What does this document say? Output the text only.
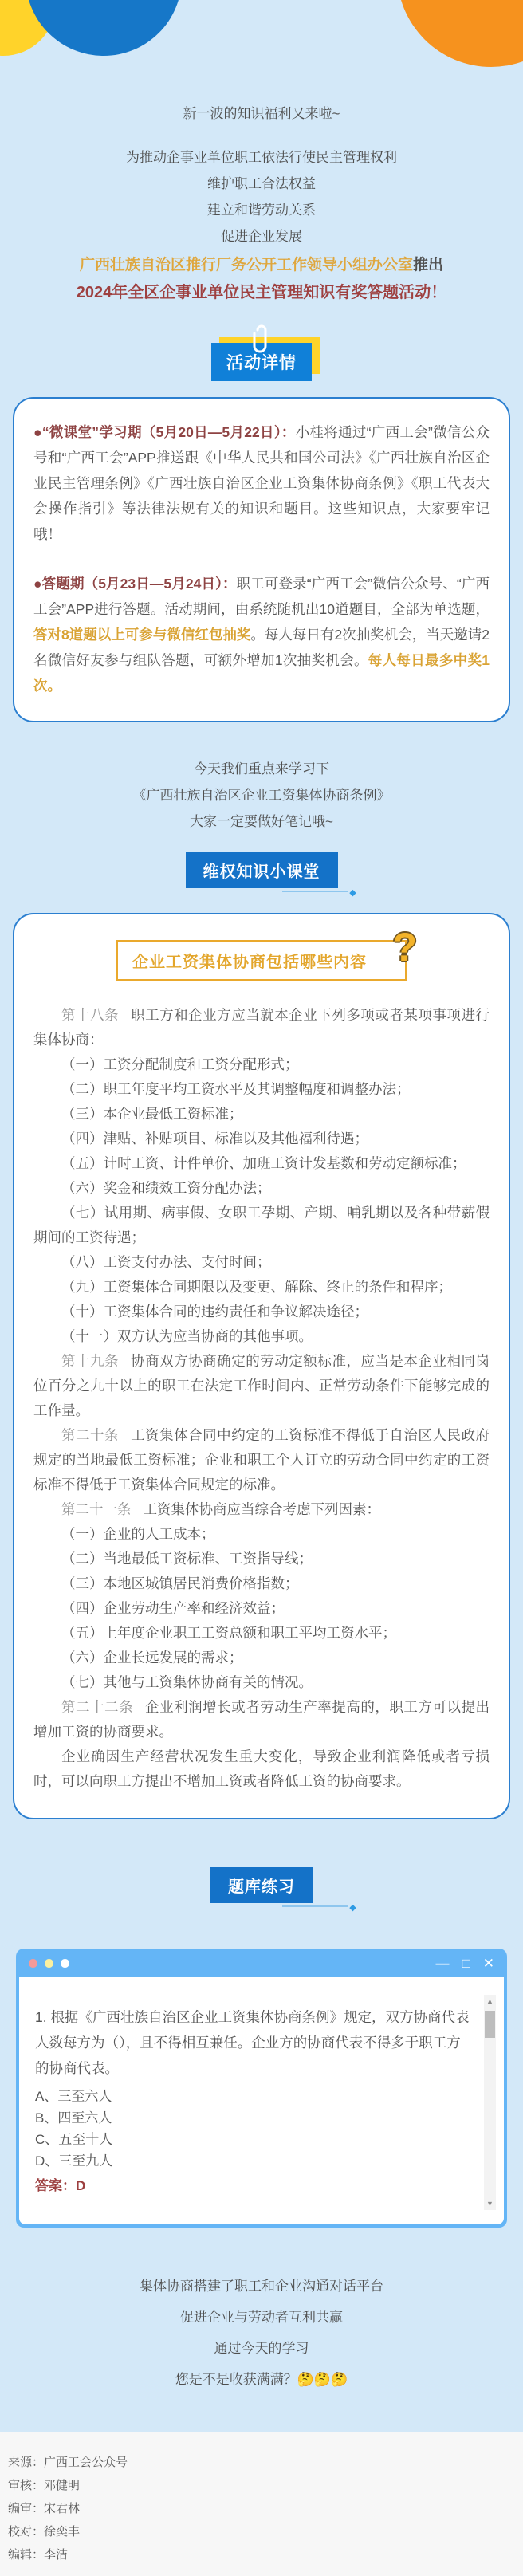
新一波的知识福利又来啦~

为推动企事业单位职工依法行使民主管理权利

维护职工合法权益

建立和谐劳动关系

促进企业发展

广西壮族自治区推行厂务公开工作领导小组办公室推出

2024年全区企事业单位民主管理知识有奖答题活动！

活动详情

●“微课堂”学习期（5月20日—5月22日）：小桂将通过“广西工会”微信公众号和“广西工会”APP推送跟《中华人民共和国公司法》《广西壮族自治区企业民主管理条例》《广西壮族自治区企业工资集体协商条例》《职工代表大会操作指引》等法律法规有关的知识和题目。这些知识点，大家要牢记哦！

●答题期（5月23日—5月24日）：职工可登录“广西工会”微信公众号、“广西工会”APP进行答题。活动期间，由系统随机出10道题目，全部为单选题，答对8道题以上可参与微信红包抽奖。每人每日有2次抽奖机会，当天邀请2名微信好友参与组队答题，可额外增加1次抽奖机会。每人每日最多中奖1次。

今天我们重点来学习下

《广西壮族自治区企业工资集体协商条例》

大家一定要做好笔记哦~

维权知识小课堂
◆
企业工资集体协商包括哪些内容 ?

第十八条 职工方和企业方应当就本企业下列多项或者某项事项进行集体协商：

（一）工资分配制度和工资分配形式；

（二）职工年度平均工资水平及其调整幅度和调整办法；

（三）本企业最低工资标准；

（四）津贴、补贴项目、标准以及其他福利待遇；

（五）计时工资、计件单价、加班工资计发基数和劳动定额标准；

（六）奖金和绩效工资分配办法；

（七）试用期、病事假、女职工孕期、产期、哺乳期以及各种带薪假期间的工资待遇；

（八）工资支付办法、支付时间；

（九）工资集体合同期限以及变更、解除、终止的条件和程序；

（十）工资集体合同的违约责任和争议解决途径；

（十一）双方认为应当协商的其他事项。

第十九条 协商双方协商确定的劳动定额标准，应当是本企业相同岗位百分之九十以上的职工在法定工作时间内、正常劳动条件下能够完成的工作量。

第二十条 工资集体合同中约定的工资标准不得低于自治区人民政府规定的当地最低工资标准；企业和职工个人订立的劳动合同中约定的工资标准不得低于工资集体合同规定的标准。

第二十一条 工资集体协商应当综合考虑下列因素：

（一）企业的人工成本；

（二）当地最低工资标准、工资指导线；

（三）本地区城镇居民消费价格指数；

（四）企业劳动生产率和经济效益；

（五）上年度企业职工工资总额和职工平均工资水平；

（六）企业长远发展的需求；

（七）其他与工资集体协商有关的情况。

第二十二条 企业利润增长或者劳动生产率提高的，职工方可以提出增加工资的协商要求。

企业确因生产经营状况发生重大变化，导致企业利润降低或者亏损时，可以向职工方提出不增加工资或者降低工资的协商要求。

题库练习
◆
— □ ✕

1. 根据《广西壮族自治区企业工资集体协商条例》规定，双方协商代表人数每方为（），且不得相互兼任。企业方的协商代表不得多于职工方的协商代表。

A、三至六人

B、四至六人

C、五至十人

D、三至九人

答案：D

▲
▼

集体协商搭建了职工和企业沟通对话平台

促进企业与劳动者互利共赢

通过今天的学习

您是不是收获满满？🤔🤔🤔

来源：广西工会公众号

审核：邓健明

编审：宋君林

校对：徐奕丰

编辑：李洁
